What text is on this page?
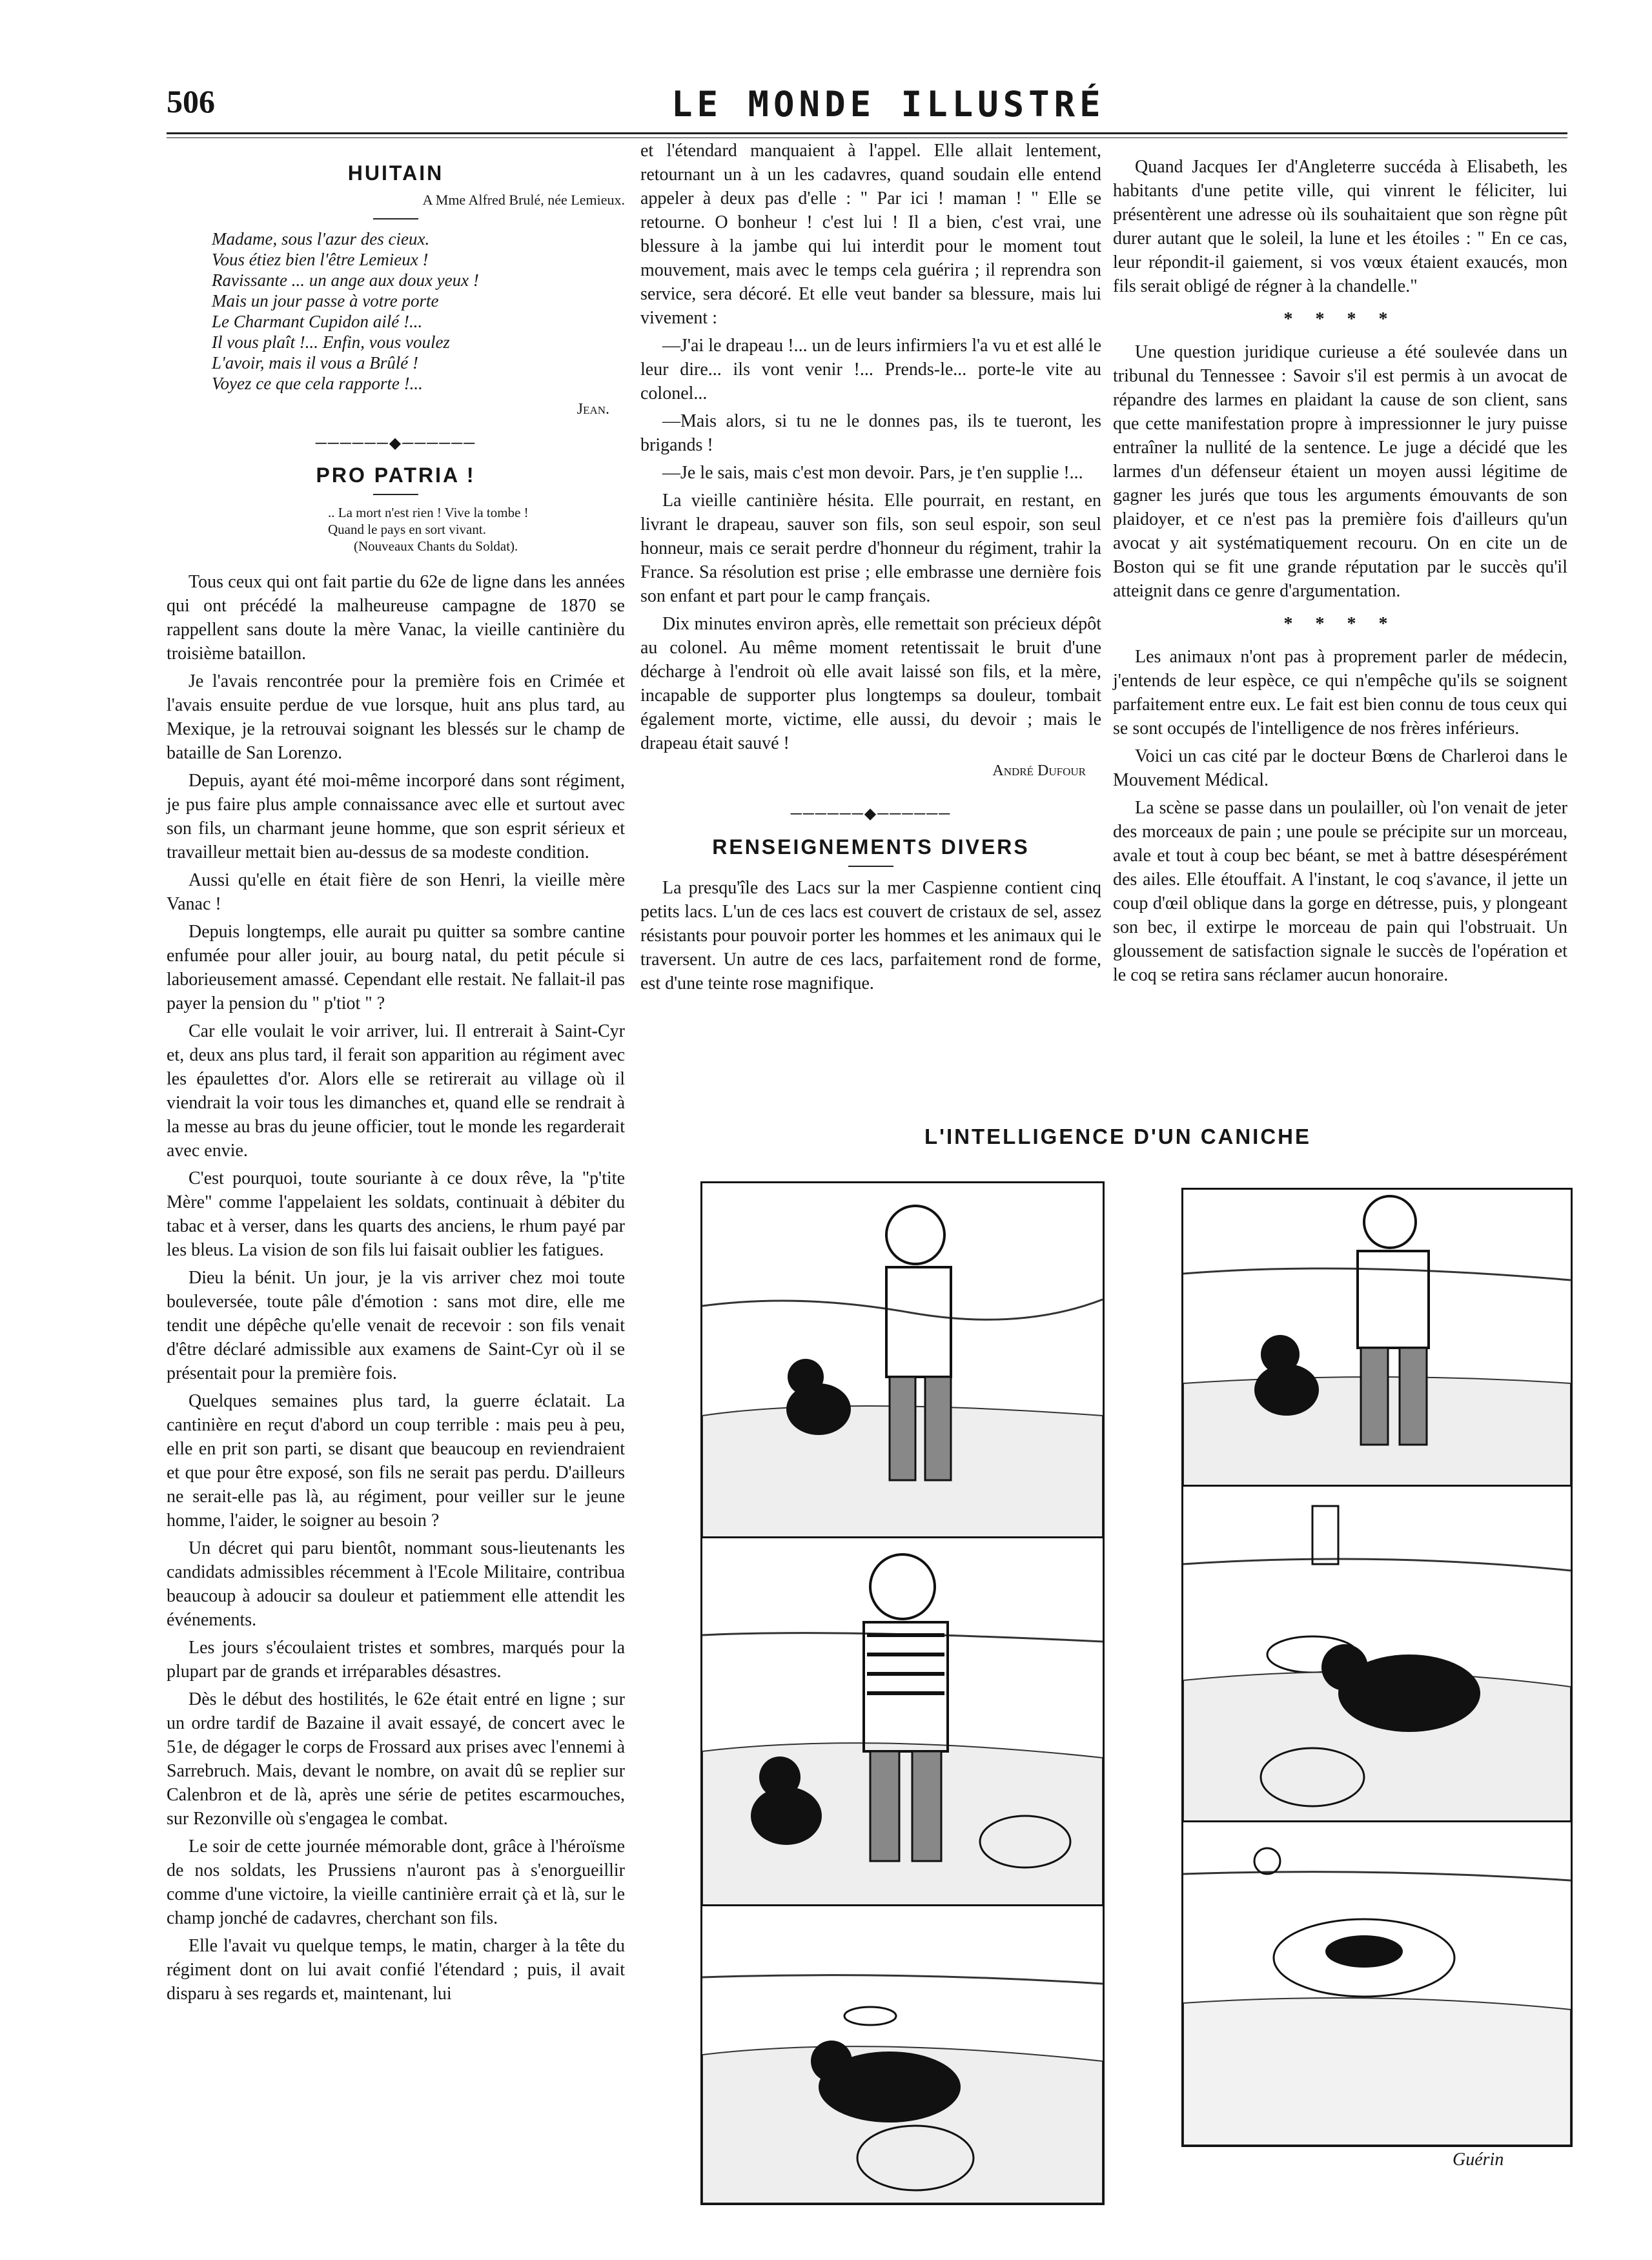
506	LE MONDE ILLUSTRÉ
HUITAIN
A Mme Alfred Brulé, née Lemieux.
Madame, sous l'azur des cieux.
Vous étiez bien l'être Lemieux !
Ravissante ... un ange aux doux yeux !
Mais un jour passe à votre porte
Le Charmant Cupidon ailé !...
Il vous plaît !... Enfin, vous voulez
L'avoir, mais il vous a Brûlé !
Voyez ce que cela rapporte !...
Jean.
──────◆──────
PRO PATRIA !
.. La mort n'est rien ! Vive la tombe !
Quand le pays en sort vivant.
(Nouveaux Chants du Soldat).

Tous ceux qui ont fait partie du 62e de ligne dans les années qui ont précédé la malheureuse campagne de 1870 se rappellent sans doute la mère Vanac, la vieille cantinière du troisième bataillon.

Je l'avais rencontrée pour la première fois en Crimée et l'avais ensuite perdue de vue lorsque, huit ans plus tard, au Mexique, je la retrouvai soignant les blessés sur le champ de bataille de San Lorenzo.

Depuis, ayant été moi-même incorporé dans sont régiment, je pus faire plus ample connaissance avec elle et surtout avec son fils, un charmant jeune homme, que son esprit sérieux et travailleur mettait bien au-dessus de sa modeste condition.

Aussi qu'elle en était fière de son Henri, la vieille mère Vanac !

Depuis longtemps, elle aurait pu quitter sa sombre cantine enfumée pour aller jouir, au bourg natal, du petit pécule si laborieusement amassé. Cependant elle restait. Ne fallait-il pas payer la pension du " p'tiot " ?

Car elle voulait le voir arriver, lui. Il entrerait à Saint-Cyr et, deux ans plus tard, il ferait son apparition au régiment avec les épaulettes d'or. Alors elle se retirerait au village où il viendrait la voir tous les dimanches et, quand elle se rendrait à la messe au bras du jeune officier, tout le monde les regarderait avec envie.

C'est pourquoi, toute souriante à ce doux rêve, la "p'tite Mère" comme l'appelaient les soldats, continuait à débiter du tabac et à verser, dans les quarts des anciens, le rhum payé par les bleus. La vision de son fils lui faisait oublier les fatigues.

Dieu la bénit. Un jour, je la vis arriver chez moi toute bouleversée, toute pâle d'émotion : sans mot dire, elle me tendit une dépêche qu'elle venait de recevoir : son fils venait d'être déclaré admissible aux examens de Saint-Cyr où il se présentait pour la première fois.

Quelques semaines plus tard, la guerre éclatait. La cantinière en reçut d'abord un coup terrible : mais peu à peu, elle en prit son parti, se disant que beaucoup en reviendraient et que pour être exposé, son fils ne serait pas perdu. D'ailleurs ne serait-elle pas là, au régiment, pour veiller sur le jeune homme, l'aider, le soigner au besoin ?

Un décret qui paru bientôt, nommant sous-lieutenants les candidats admissibles récemment à l'Ecole Militaire, contribua beaucoup à adoucir sa douleur et patiemment elle attendit les événements.

Les jours s'écoulaient tristes et sombres, marqués pour la plupart par de grands et irréparables désastres.

Dès le début des hostilités, le 62e était entré en ligne ; sur un ordre tardif de Bazaine il avait essayé, de concert avec le 51e, de dégager le corps de Frossard aux prises avec l'ennemi à Sarrebruch. Mais, devant le nombre, on avait dû se replier sur Calenbron et de là, après une série de petites escarmouches, sur Rezonville où s'engagea le combat.

Le soir de cette journée mémorable dont, grâce à l'héroïsme de nos soldats, les Prussiens n'auront pas à s'enorgueillir comme d'une victoire, la vieille cantinière errait çà et là, sur le champ jonché de cadavres, cherchant son fils.

Elle l'avait vu quelque temps, le matin, charger à la tête du régiment dont on lui avait confié l'étendard ; puis, il avait disparu à ses regards et, maintenant, lui

et l'étendard manquaient à l'appel. Elle allait lentement, retournant un à un les cadavres, quand soudain elle entend appeler à deux pas d'elle : " Par ici ! maman ! " Elle se retourne. O bonheur ! c'est lui ! Il a bien, c'est vrai, une blessure à la jambe qui lui interdit pour le moment tout mouvement, mais avec le temps cela guérira ; il reprendra son service, sera décoré. Et elle veut bander sa blessure, mais lui vivement :

—J'ai le drapeau !... un de leurs infirmiers l'a vu et est allé le leur dire... ils vont venir !... Prends-le... porte-le vite au colonel...

—Mais alors, si tu ne le donnes pas, ils te tueront, les brigands !

—Je le sais, mais c'est mon devoir. Pars, je t'en supplie !...

La vieille cantinière hésita. Elle pourrait, en restant, en livrant le drapeau, sauver son fils, son seul espoir, son seul honneur, mais ce serait perdre d'honneur du régiment, trahir la France. Sa résolution est prise ; elle embrasse une dernière fois son enfant et part pour le camp français.

Dix minutes environ après, elle remettait son précieux dépôt au colonel. Au même moment retentissait le bruit d'une décharge à l'endroit où elle avait laissé son fils, et la mère, incapable de supporter plus longtemps sa douleur, tombait également morte, victime, elle aussi, du devoir ; mais le drapeau était sauvé !

André Dufour
──────◆──────
RENSEIGNEMENTS DIVERS

La presqu'île des Lacs sur la mer Caspienne contient cinq petits lacs. L'un de ces lacs est couvert de cristaux de sel, assez résistants pour pouvoir porter les hommes et les animaux qui le traversent. Un autre de ces lacs, parfaitement rond de forme, est d'une teinte rose magnifique.

Quand Jacques Ier d'Angleterre succéda à Elisabeth, les habitants d'une petite ville, qui vinrent le féliciter, lui présentèrent une adresse où ils souhaitaient que son règne pût durer autant que le soleil, la lune et les étoiles : " En ce cas, leur répondit-il gaiement, si vos vœux étaient exaucés, mon fils serait obligé de régner à la chandelle."

* * * *

Une question juridique curieuse a été soulevée dans un tribunal du Tennessee : Savoir s'il est permis à un avocat de répandre des larmes en plaidant la cause de son client, sans que cette manifestation propre à impressionner le jury puisse entraîner la nullité de la sentence. Le juge a décidé que les larmes d'un défenseur étaient un moyen aussi légitime de gagner les jurés que tous les arguments émouvants de son plaidoyer, et ce n'est pas la première fois d'ailleurs qu'un avocat y ait systématiquement recouru. On en cite un de Boston qui se fit une grande réputation par le succès qu'il atteignit dans ce genre d'argumentation.

* * * *

Les animaux n'ont pas à proprement parler de médecin, j'entends de leur espèce, ce qui n'empêche qu'ils se soignent parfaitement entre eux. Le fait est bien connu de tous ceux qui se sont occupés de l'intelligence de nos frères inférieurs.

Voici un cas cité par le docteur Bœns de Charleroi dans le Mouvement Médical.

La scène se passe dans un poulailler, où l'on venait de jeter des morceaux de pain ; une poule se précipite sur un morceau, avale et tout à coup bec béant, se met à battre désespérément des ailes. Elle étouffait. A l'instant, le coq s'avance, il jette un coup d'œil oblique dans la gorge en détresse, puis, y plongeant son bec, il extirpe le morceau de pain qui l'obstruait. Un gloussement de satisfaction signale le succès de l'opération et le coq se retira sans réclamer aucun honoraire.

L'INTELLIGENCE D'UN CANICHE
Guérin
